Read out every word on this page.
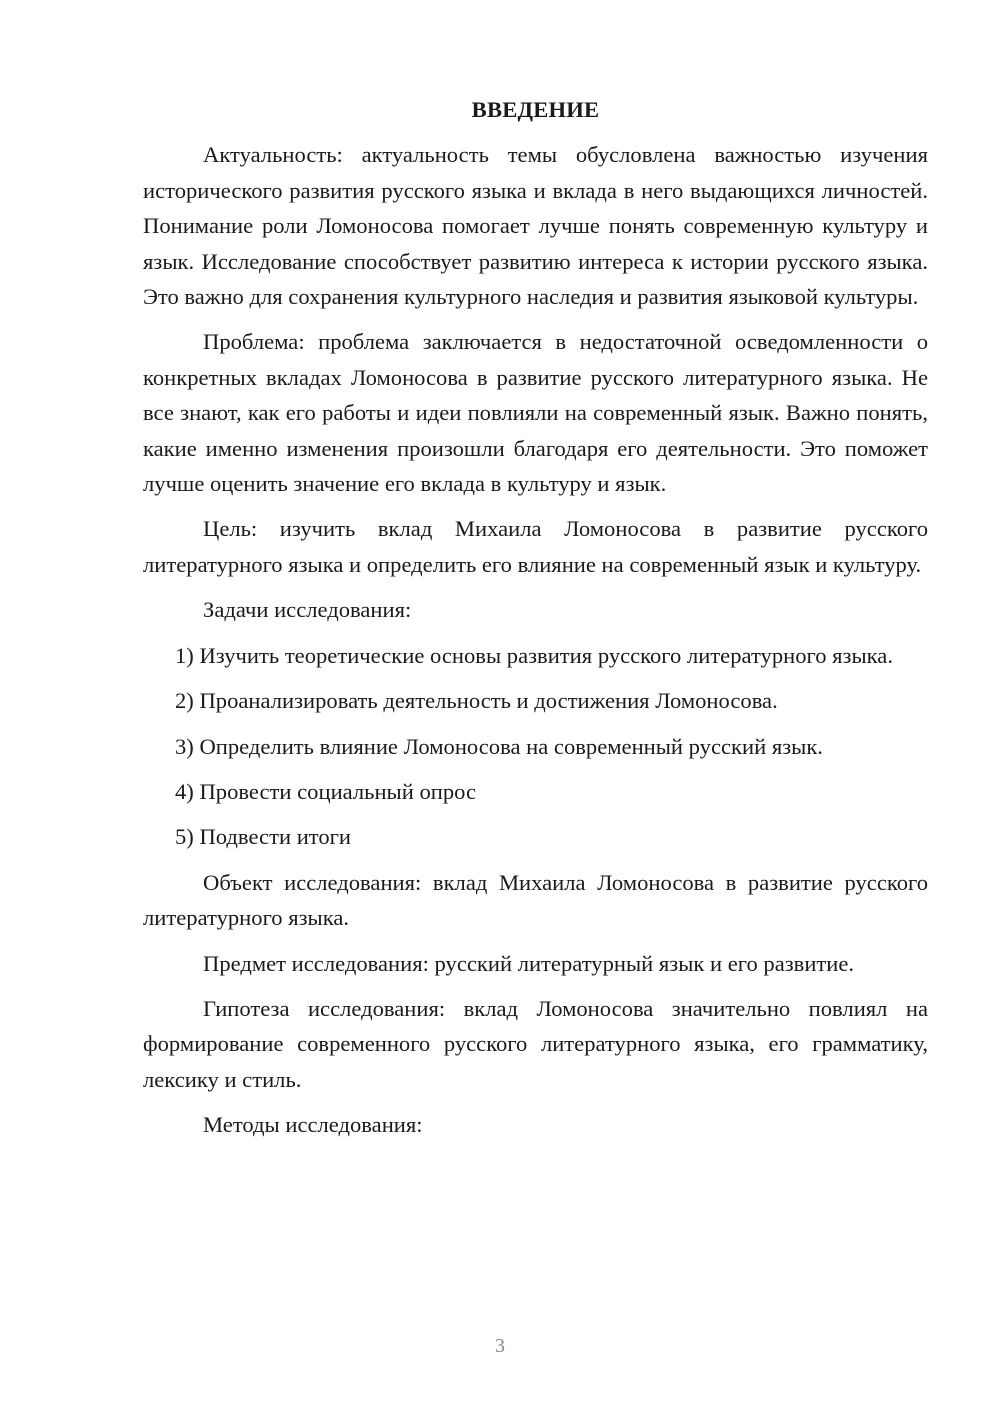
ВВЕДЕНИЕ

Актуальность: актуальность темы обусловлена важностью изучения исторического развития русского языка и вклада в него выдающихся личностей. Понимание роли Ломоносова помогает лучше понять современную культуру и язык. Исследование способствует развитию интереса к истории русского языка. Это важно для сохранения культурного наследия и развития языковой культуры.

Проблема: проблема заключается в недостаточной осведомленности о конкретных вкладах Ломоносова в развитие русского литературного языка. Не все знают, как его работы и идеи повлияли на современный язык. Важно понять, какие именно изменения произошли благодаря его деятельности. Это поможет лучше оценить значение его вклада в культуру и язык.

Цель: изучить вклад Михаила Ломоносова в развитие русского литературного языка и определить его влияние на современный язык и культуру.

Задачи исследования:

1) Изучить теоретические основы развития русского литературного языка.

2) Проанализировать деятельность и достижения Ломоносова.

3) Определить влияние Ломоносова на современный русский язык.

4) Провести социальный опрос

5) Подвести итоги

Объект исследования: вклад Михаила Ломоносова в развитие русского литературного языка.

Предмет исследования: русский литературный язык и его развитие.

Гипотеза исследования: вклад Ломоносова значительно повлиял на формирование современного русского литературного языка, его грамматику, лексику и стиль.

Методы исследования:

3
